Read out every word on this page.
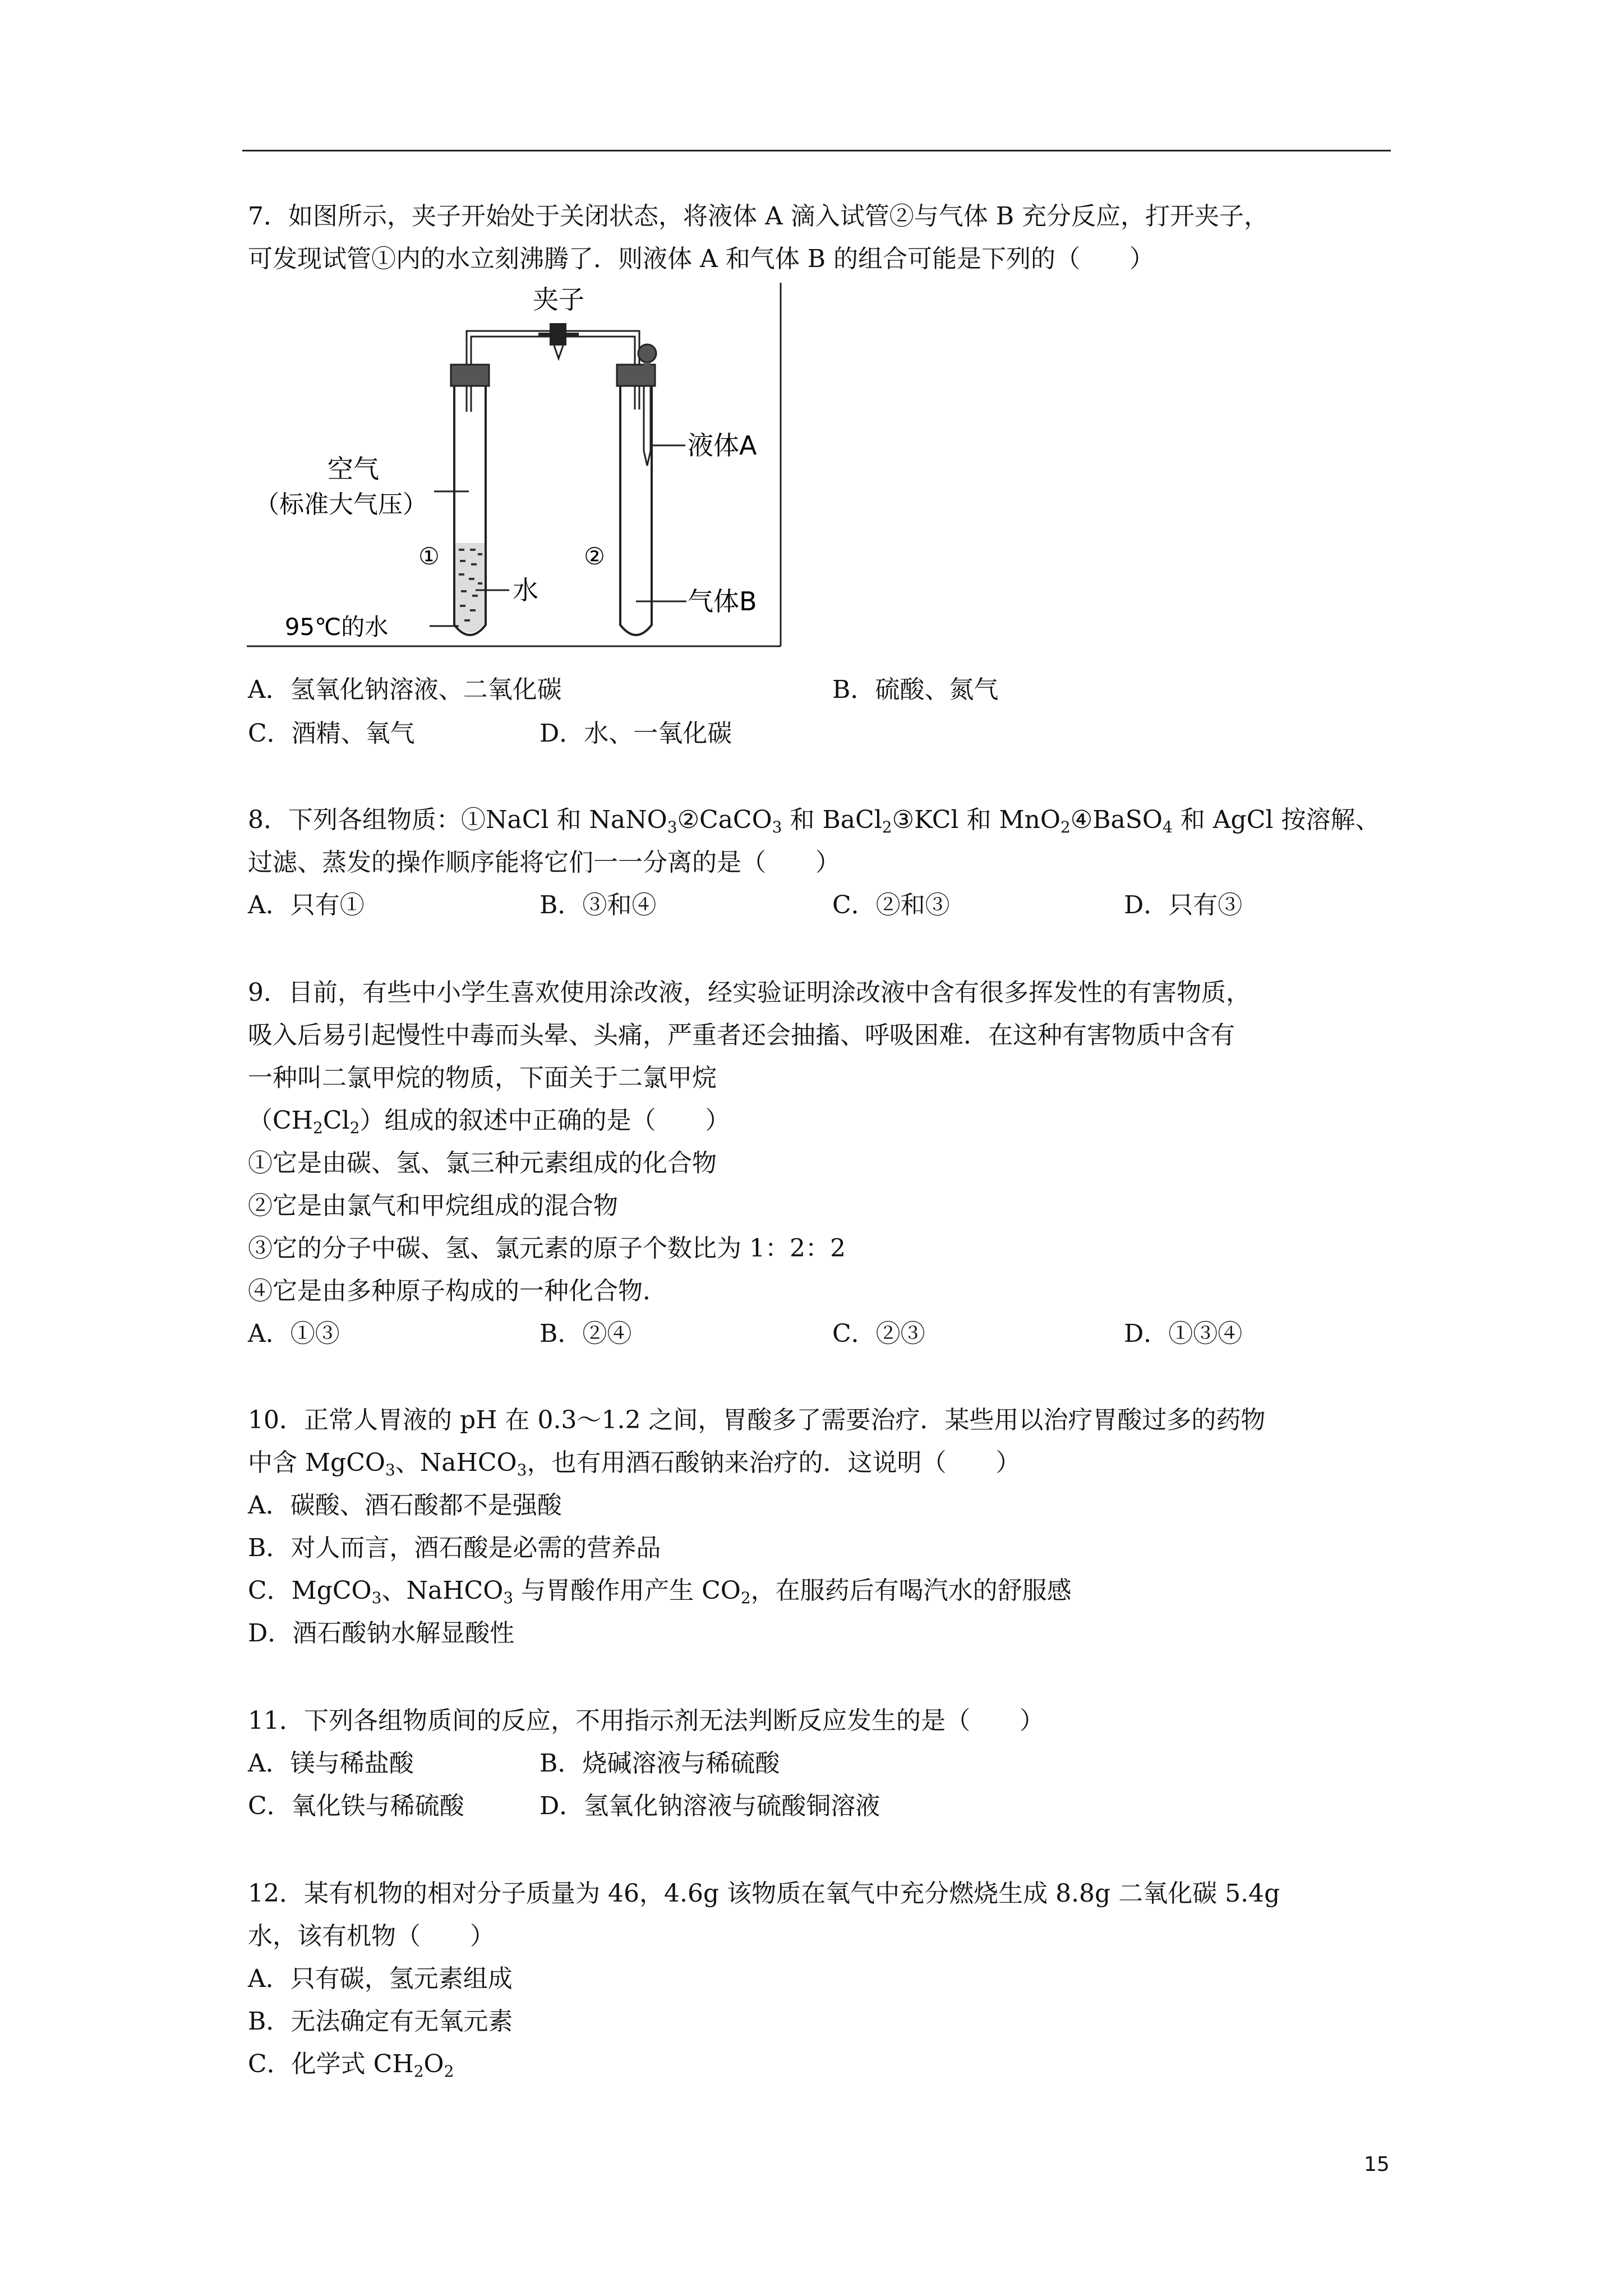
7．如图所示，夹子开始处于关闭状态，将液体 A 滴入试管②与气体 B 充分反应，打开夹子，
可发现试管①内的水立刻沸腾了．则液体 A 和气体 B 的组合可能是下列的（　　）
夹子
液体A
空气
（标准大气压）
①	②
水	气体B
95℃的水
A．氢氧化钠溶液、二氧化碳	B．硫酸、氮气
C．酒精、氧气	D．水、一氧化碳
8．下列各组物质：①NaCl 和 NaNO$_3$②CaCO$_3$ 和 BaCl$_2$③KCl 和 MnO$_2$④BaSO$_4$ 和 AgCl 按溶解、
过滤、蒸发的操作顺序能将它们一一分离的是（　　）
A．只有①	B．③和④	C．②和③	D．只有③
9．目前，有些中小学生喜欢使用涂改液，经实验证明涂改液中含有很多挥发性的有害物质，
吸入后易引起慢性中毒而头晕、头痛，严重者还会抽搐、呼吸困难．在这种有害物质中含有
一种叫二氯甲烷的物质，下面关于二氯甲烷
$(CH_2Cl_2)$组成的叙述中正确的是（　　）
①它是由碳、氢、氯三种元素组成的化合物
②它是由氯气和甲烷组成的混合物
③它的分子中碳、氢、氯元素的原子个数比为 1：2：2
④它是由多种原子构成的一种化合物．
A．①③	B．②④	C．②③	D．①③④
10．正常人胃液的 pH 在 0.3～1.2 之间，胃酸多了需要治疗．某些用以治疗胃酸过多的药物
中含 MgCO$_3$、NaHCO$_3$，也有用酒石酸钠来治疗的．这说明（　　）
A．碳酸、酒石酸都不是强酸
B．对人而言，酒石酸是必需的营养品
C．MgCO$_3$、NaHCO$_3$ 与胃酸作用产生 $CO_2$，在服药后有喝汽水的舒服感
D．酒石酸钠水解显酸性
11．下列各组物质间的反应，不用指示剂无法判断反应发生的是（　　）
A．镁与稀盐酸	B．烧碱溶液与稀硫酸
C．氧化铁与稀硫酸	D．氢氧化钠溶液与硫酸铜溶液
12．某有机物的相对分子质量为 46，4.6g 该物质在氧气中充分燃烧生成 8.8g 二氧化碳 5.4g
水，该有机物（　　）
A．只有碳，氢元素组成
B．无法确定有无氧元素
C．化学式 $CH_2O_2$
15
